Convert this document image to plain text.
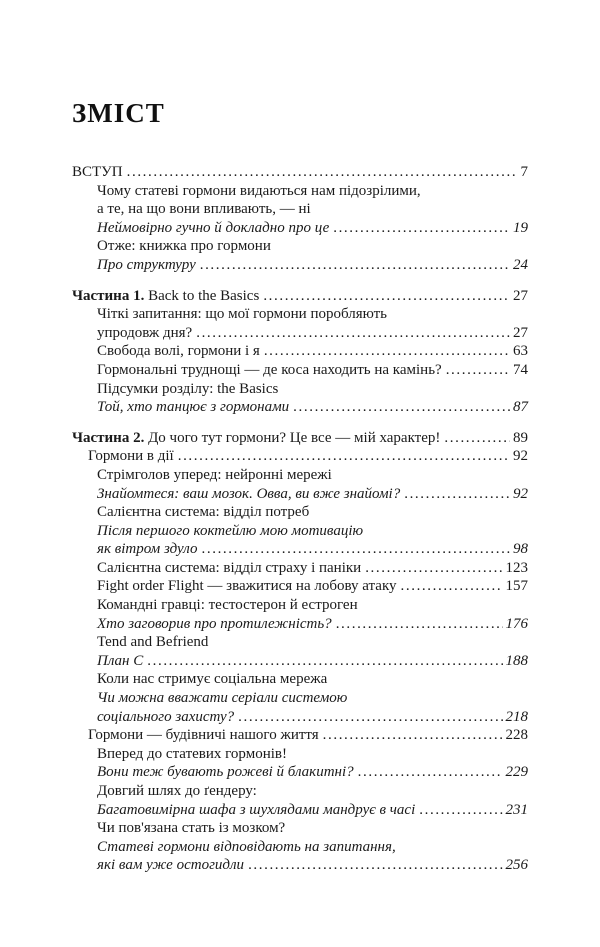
ЗМІСТ
ВСТУП .....	7
Чому статеві гормони видаються нам підозрілими,
а те, на що вони впливають, — ні
Неймовірно гучно й докладно про це .....	19
Отже: книжка про гормони
Про структуру .....	24
Частина 1. Back to the Basics .....	27
Чіткі запитання: що мої гормони поробляють
упродовж дня? .....	27
Свобода волі, гормони і я .....	63
Гормональні труднощі — де коса находить на камінь? .....	74
Підсумки розділу: the Basics
Той, хто танцює з гормонами .....	87
Частина 2. До чого тут гормони? Це все — мій характер! .....	89
Гормони в дії .....	92
Стрімголов уперед: нейронні мережі
Знайомтеся: ваш мозок. Овва, ви вже знайомі? .....	92
Салієнтна система: відділ потреб
Після першого коктейлю мою мотивацію
як вітром здуло .....	98
Салієнтна система: відділ страху і паніки .....	123
Fight order Flight — зважитися на лобову атаку .....	157
Командні гравці: тестостерон й естроген
Хто заговорив про протилежність? .....	176
Tend and Befriend
План С .....	188
Коли нас стримує соціальна мережа
Чи можна вважати серіали системою
соціального захисту? .....	218
Гормони — будівничі нашого життя .....	228
Вперед до статевих гормонів!
Вони теж бувають рожеві й блакитні? .....	229
Довгий шлях до ґендеру:
Багатовимірна шафа з шухлядами мандрує в часі .....	231
Чи пов'язана стать із мозком?
Статеві гормони відповідають на запитання,
які вам уже остогидли .....	256
